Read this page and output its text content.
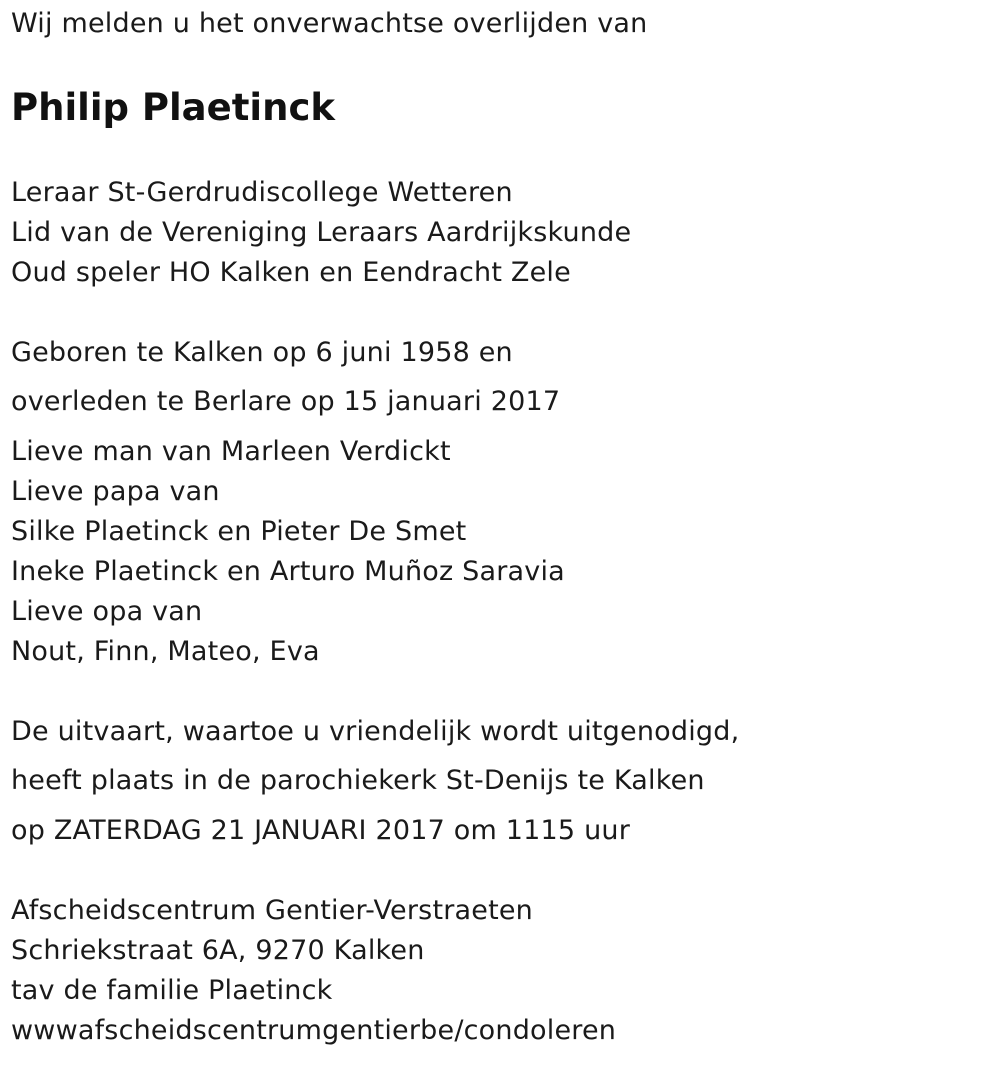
Wij melden u het onverwachtse overlijden van
Philip Plaetinck
Leraar St-Gerdrudiscollege Wetteren
Lid van de Vereniging Leraars Aardrijkskunde
Oud speler HO Kalken en Eendracht Zele
Geboren te Kalken op 6 juni 1958 en
overleden te Berlare op 15 januari 2017
Lieve man van Marleen Verdickt
Lieve papa van
Silke Plaetinck en Pieter De Smet
Ineke Plaetinck en Arturo Muñoz Saravia
Lieve opa van
Nout, Finn, Mateo, Eva
De uitvaart, waartoe u vriendelijk wordt uitgenodigd,
heeft plaats in de parochiekerk St-Denijs te Kalken
op ZATERDAG 21 JANUARI 2017 om 1115 uur
Afscheidscentrum Gentier-Verstraeten
Schriekstraat 6A, 9270 Kalken
tav de familie Plaetinck
wwwafscheidscentrumgentierbe/condoleren
